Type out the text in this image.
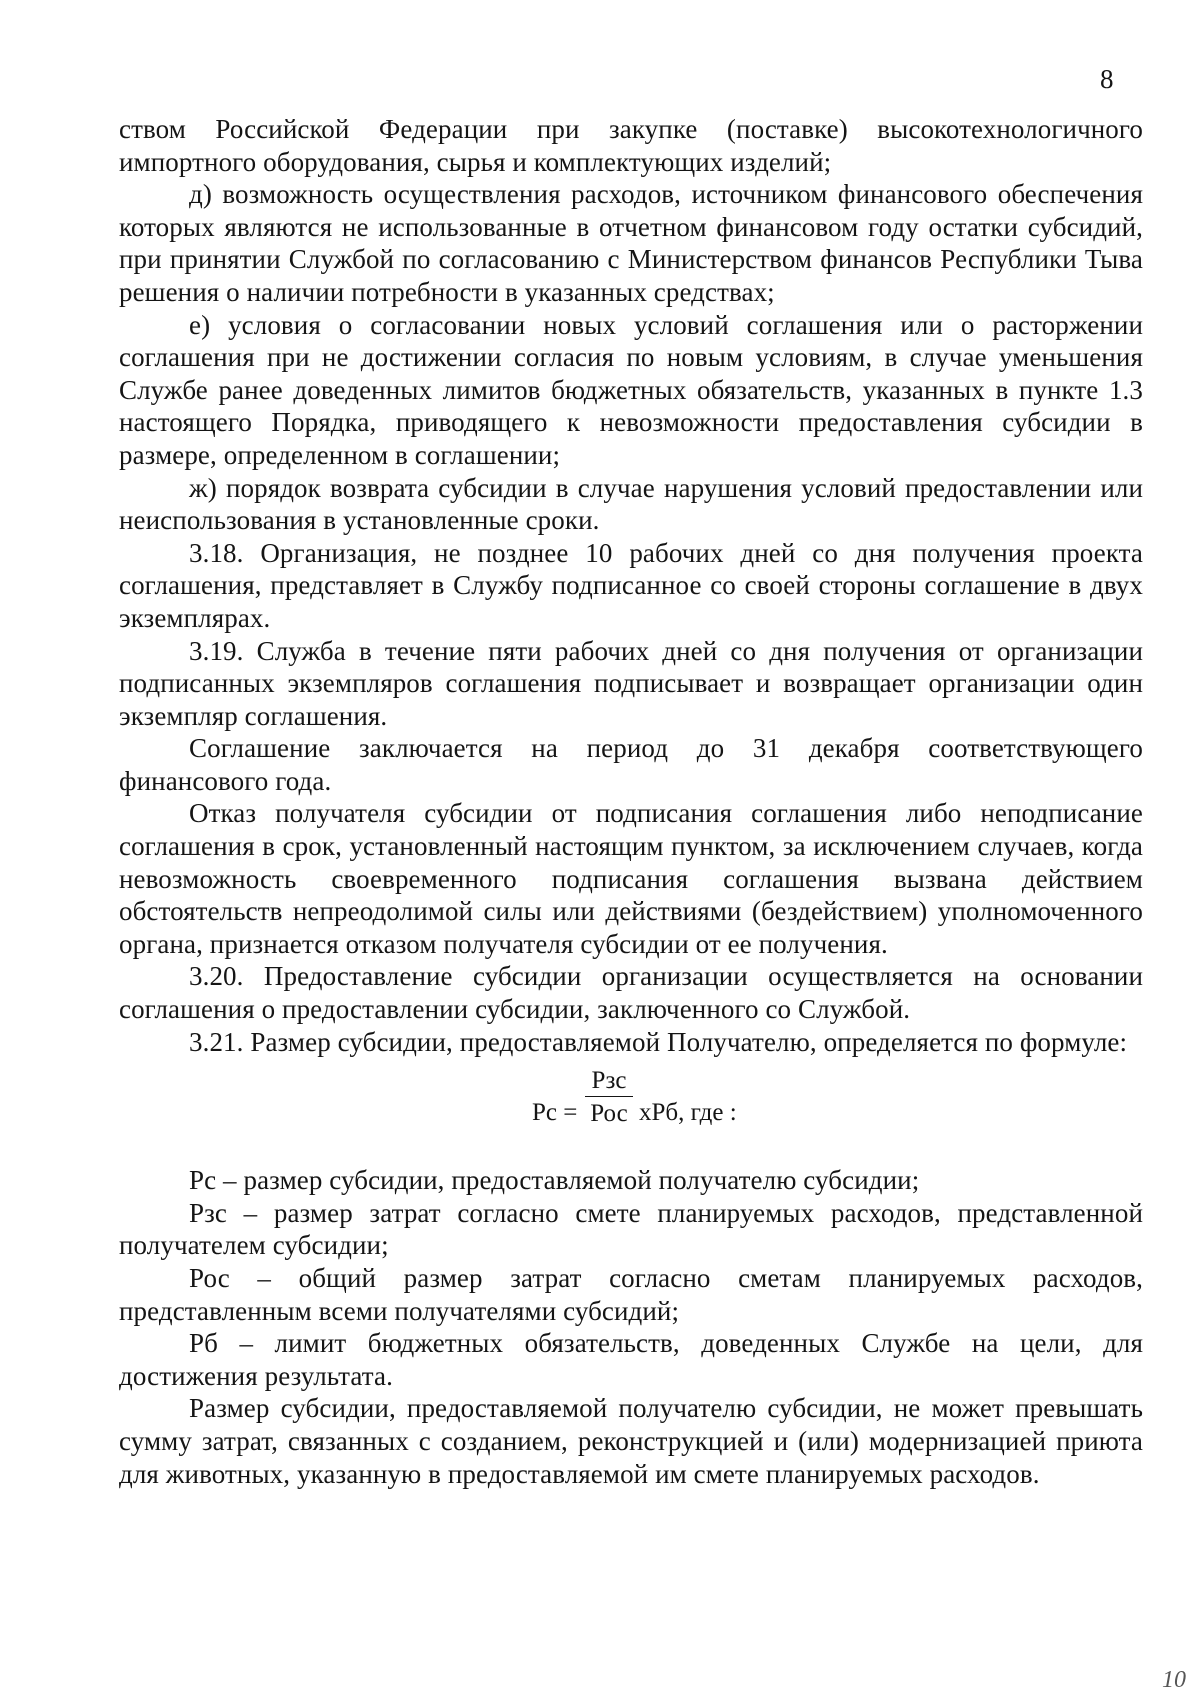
8

ством Российской Федерации при закупке (поставке) высокотехнологичного импортного оборудования, сырья и комплектующих изделий;

д) возможность осуществления расходов, источником финансового обеспечения которых являются не использованные в отчетном финансовом году остатки субсидий, при принятии Службой по согласованию с Министерством финансов Республики Тыва решения о наличии потребности в указанных средствах;

е) условия о согласовании новых условий соглашения или о расторжении соглашения при не достижении согласия по новым условиям, в случае уменьшения Службе ранее доведенных лимитов бюджетных обязательств, указанных в пункте 1.3 настоящего Порядка, приводящего к невозможности предоставления субсидии в размере, определенном в соглашении;

ж) порядок возврата субсидии в случае нарушения условий предоставлении или неиспользования в установленные сроки.

3.18. Организация, не позднее 10 рабочих дней со дня получения проекта соглашения, представляет в Службу подписанное со своей стороны соглашение в двух экземплярах.

3.19. Служба в течение пяти рабочих дней со дня получения от организации подписанных экземпляров соглашения подписывает и возвращает организации один экземпляр соглашения.

Соглашение заключается на период до 31 декабря соответствующего финансового года.

Отказ получателя субсидии от подписания соглашения либо неподписание соглашения в срок, установленный настоящим пунктом, за исключением случаев, когда невозможность своевременного подписания соглашения вызвана действием обстоятельств непреодолимой силы или действиями (бездействием) уполномоченного органа, признается отказом получателя субсидии от ее получения.

3.20. Предоставление субсидии организации осуществляется на основании соглашения о предоставлении субсидии, заключенного со Службой.

3.21. Размер субсидии, предоставляемой Получателю, определяется по формуле:

Рс =
Рзс
Рос хРб, где :

Рс – размер субсидии, предоставляемой получателю субсидии;

Рзс – размер затрат согласно смете планируемых расходов, представленной получателем субсидии;

Рос – общий размер затрат согласно сметам планируемых расходов, представленным всеми получателями субсидий;

Рб – лимит бюджетных обязательств, доведенных Службе на цели, для достижения результата.

Размер субсидии, предоставляемой получателю субсидии, не может превышать сумму затрат, связанных с созданием, реконструкцией и (или) модернизацией приюта для животных, указанную в предоставляемой им смете планируемых расходов.

10
